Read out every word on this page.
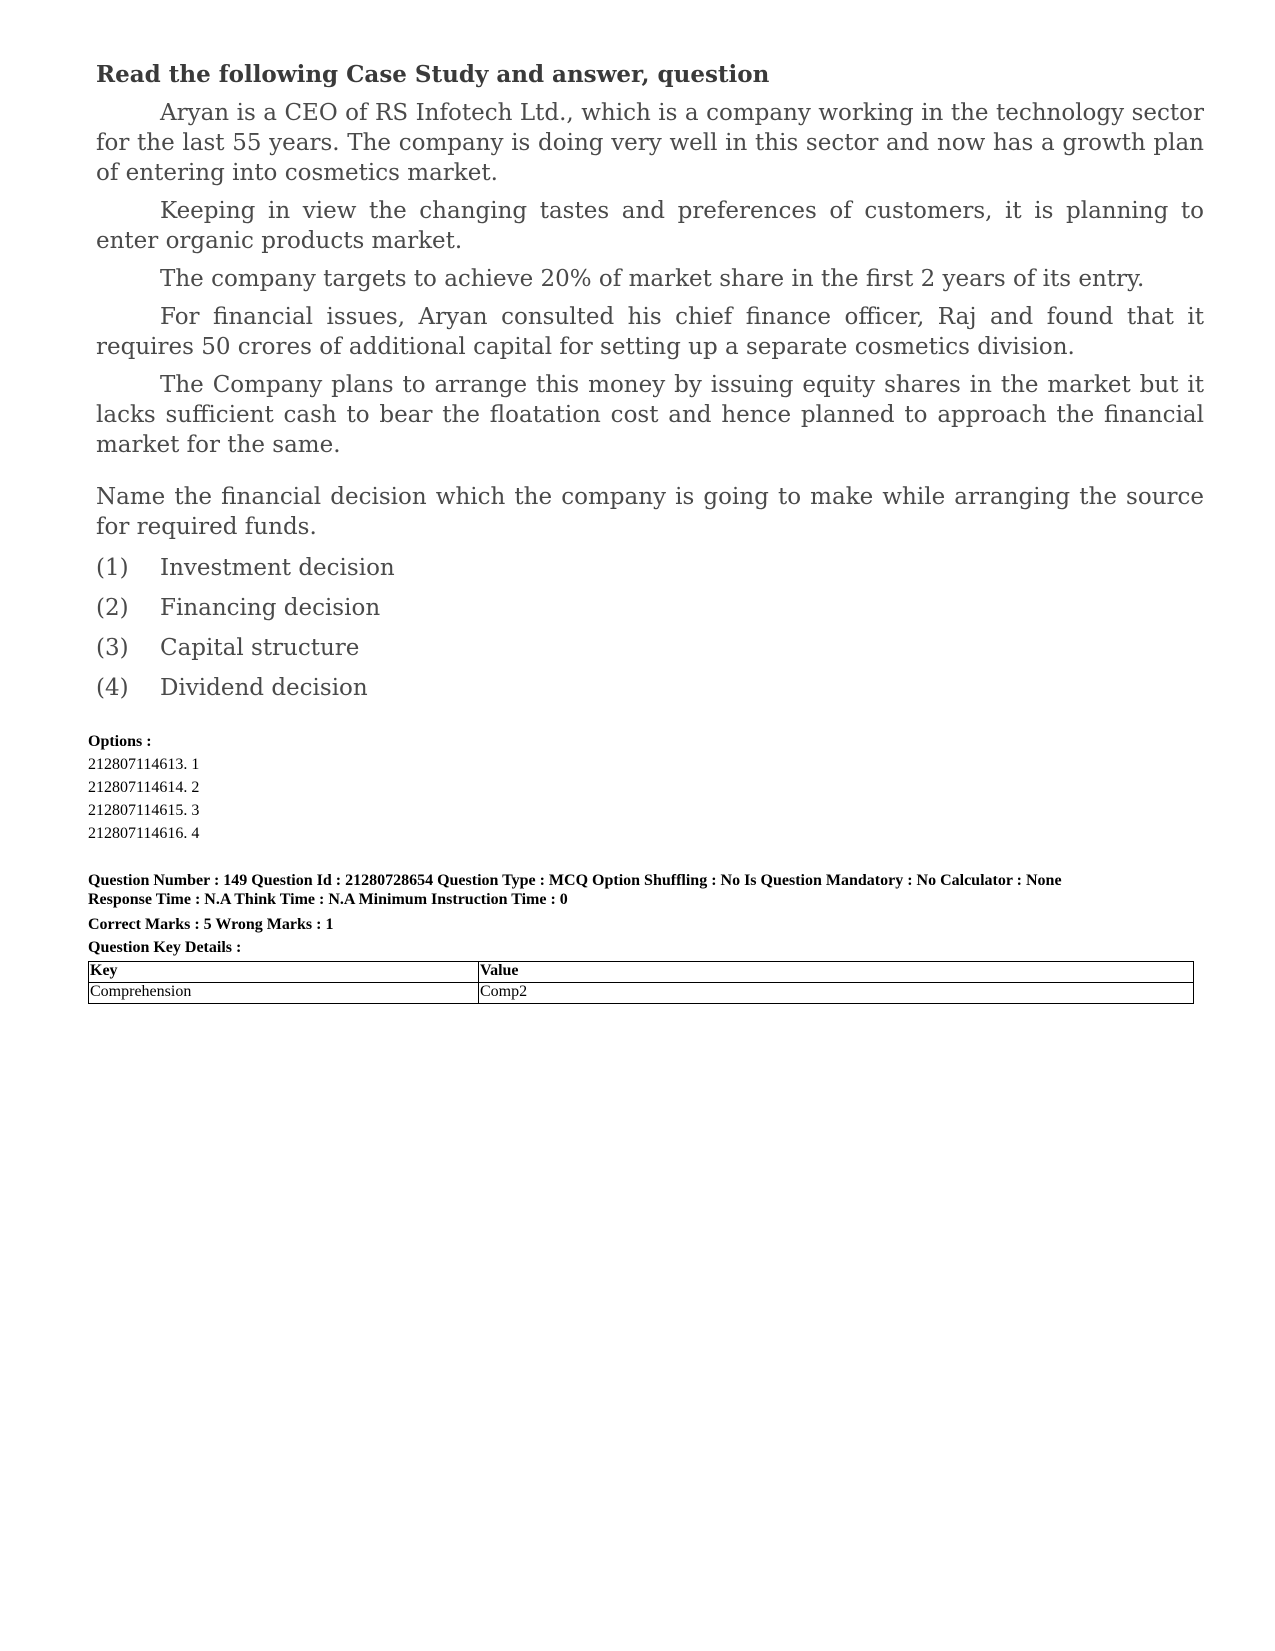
Read the following Case Study and answer, question

Aryan is a CEO of RS Infotech Ltd., which is a company working in the technology sector for the last 55 years. The company is doing very well in this sector and now has a growth plan of entering into cosmetics market.

Keeping in view the changing tastes and preferences of customers, it is planning to enter organic products market.

The company targets to achieve 20% of market share in the first 2 years of its entry.

For financial issues, Aryan consulted his chief finance officer, Raj and found that it requires 50 crores of additional capital for setting up a separate cosmetics division.

The Company plans to arrange this money by issuing equity shares in the market but it lacks sufficient cash to bear the floatation cost and hence planned to approach the financial market for the same.

Name the financial decision which the company is going to make while arranging the source for required funds.

(1)	Investment decision
(2)	Financing decision
(3)	Capital structure
(4)	Dividend decision
Options :
212807114613. 1
212807114614. 2
212807114615. 3
212807114616. 4
Question Number : 149 Question Id : 21280728654 Question Type : MCQ Option Shuffling : No Is Question Mandatory : No Calculator : None
Response Time : N.A Think Time : N.A Minimum Instruction Time : 0
Correct Marks : 5 Wrong Marks : 1
Question Key Details :
Key	Value
Comprehension	Comp2
